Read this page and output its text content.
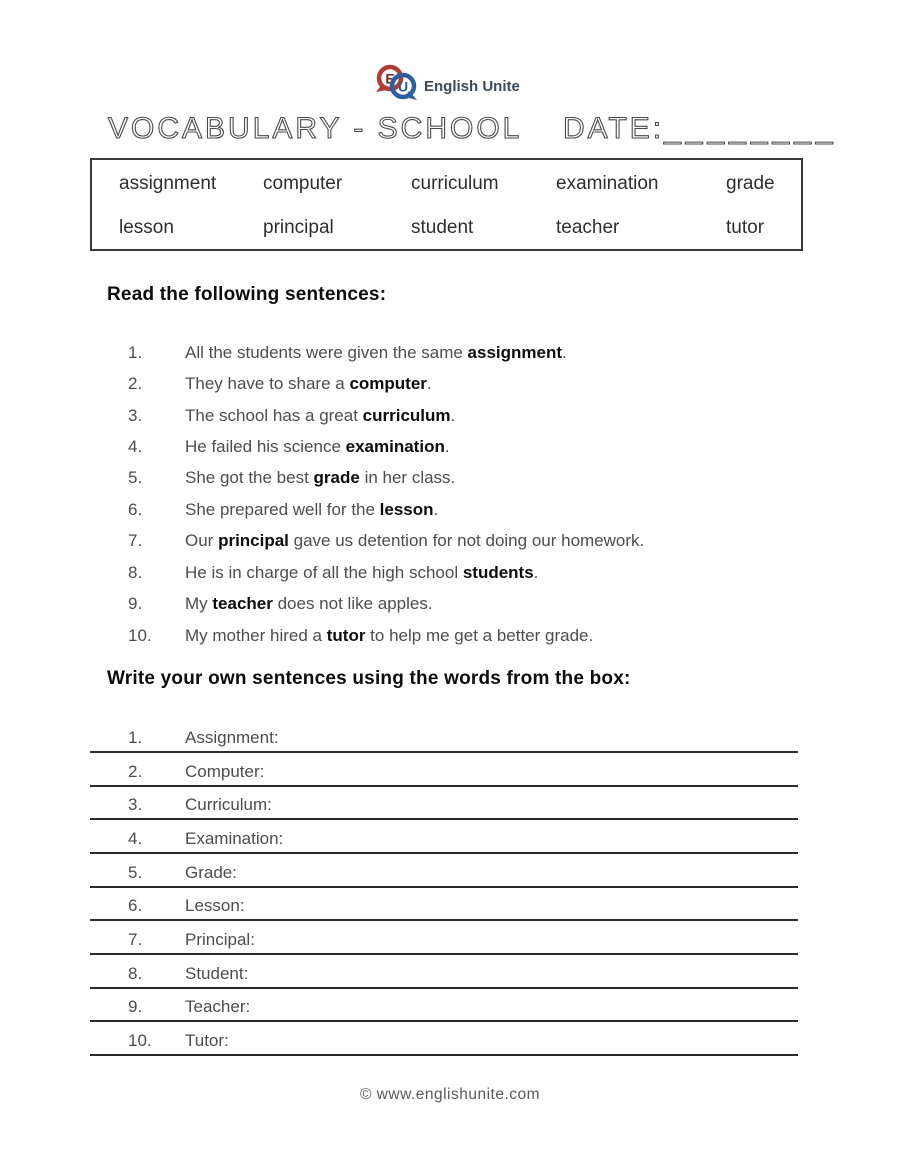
E U English Unite
VOCABULARY - SCHOOL DATE:________
assignment	computer	curriculum	examination	grade
lesson	principal	student	teacher	tutor
Read the following sentences:
1.	All the students were given the same assignment.
2.	They have to share a computer.
3.	The school has a great curriculum.
4.	He failed his science examination.
5.	She got the best grade in her class.
6.	She prepared well for the lesson.
7.	Our principal gave us detention for not doing our homework.
8.	He is in charge of all the high school students.
9.	My teacher does not like apples.
10.	My mother hired a tutor to help me get a better grade.
Write your own sentences using the words from the box:
1.	Assignment:
2.	Computer:
3.	Curriculum:
4.	Examination:
5.	Grade:
6.	Lesson:
7.	Principal:
8.	Student:
9.	Teacher:
10.	Tutor:
© www.englishunite.com
